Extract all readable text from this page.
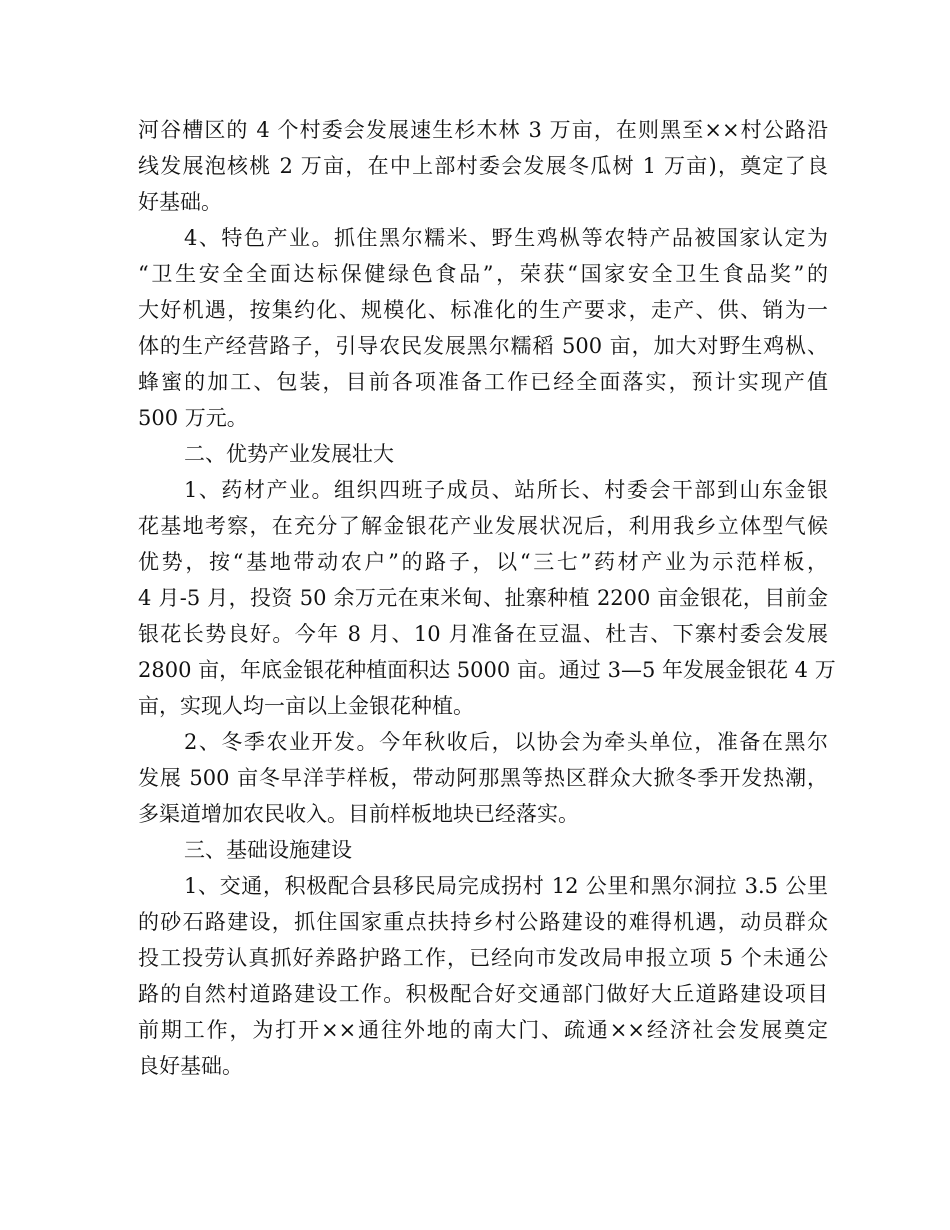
河谷槽区的 4 个村委会发展速生杉木林 3 万亩，在则黑至××村公路沿
线发展泡核桃 2 万亩，在中上部村委会发展冬瓜树 1 万亩)，奠定了良
好基础。
4、特色产业。抓住黑尔糯米、野生鸡枞等农特产品被国家认定为
“卫生安全全面达标保健绿色食品”，荣获“国家安全卫生食品奖”的
大好机遇，按集约化、规模化、标准化的生产要求，走产、供、销为一
体的生产经营路子，引导农民发展黑尔糯稻 500 亩，加大对野生鸡枞、
蜂蜜的加工、包装，目前各项准备工作已经全面落实，预计实现产值
500 万元。
二、优势产业发展壮大
1、药材产业。组织四班子成员、站所长、村委会干部到山东金银
花基地考察，在充分了解金银花产业发展状况后，利用我乡立体型气候
优势，按“基地带动农户”的路子，以“三七”药材产业为示范样板，
4 月-5 月，投资 50 余万元在束米甸、扯寨种植 2200 亩金银花，目前金
银花长势良好。今年 8 月、10 月准备在豆温、杜吉、下寨村委会发展
2800 亩，年底金银花种植面积达 5000 亩。通过 3—5 年发展金银花 4 万
亩，实现人均一亩以上金银花种植。
2、冬季农业开发。今年秋收后，以协会为牵头单位，准备在黑尔
发展 500 亩冬早洋芋样板，带动阿那黑等热区群众大掀冬季开发热潮，
多渠道增加农民收入。目前样板地块已经落实。
三、基础设施建设
1、交通，积极配合县移民局完成拐村 12 公里和黑尔洞拉 3.5 公里
的砂石路建设，抓住国家重点扶持乡村公路建设的难得机遇，动员群众
投工投劳认真抓好养路护路工作，已经向市发改局申报立项 5 个未通公
路的自然村道路建设工作。积极配合好交通部门做好大丘道路建设项目
前期工作，为打开××通往外地的南大门、疏通××经济社会发展奠定
良好基础。
